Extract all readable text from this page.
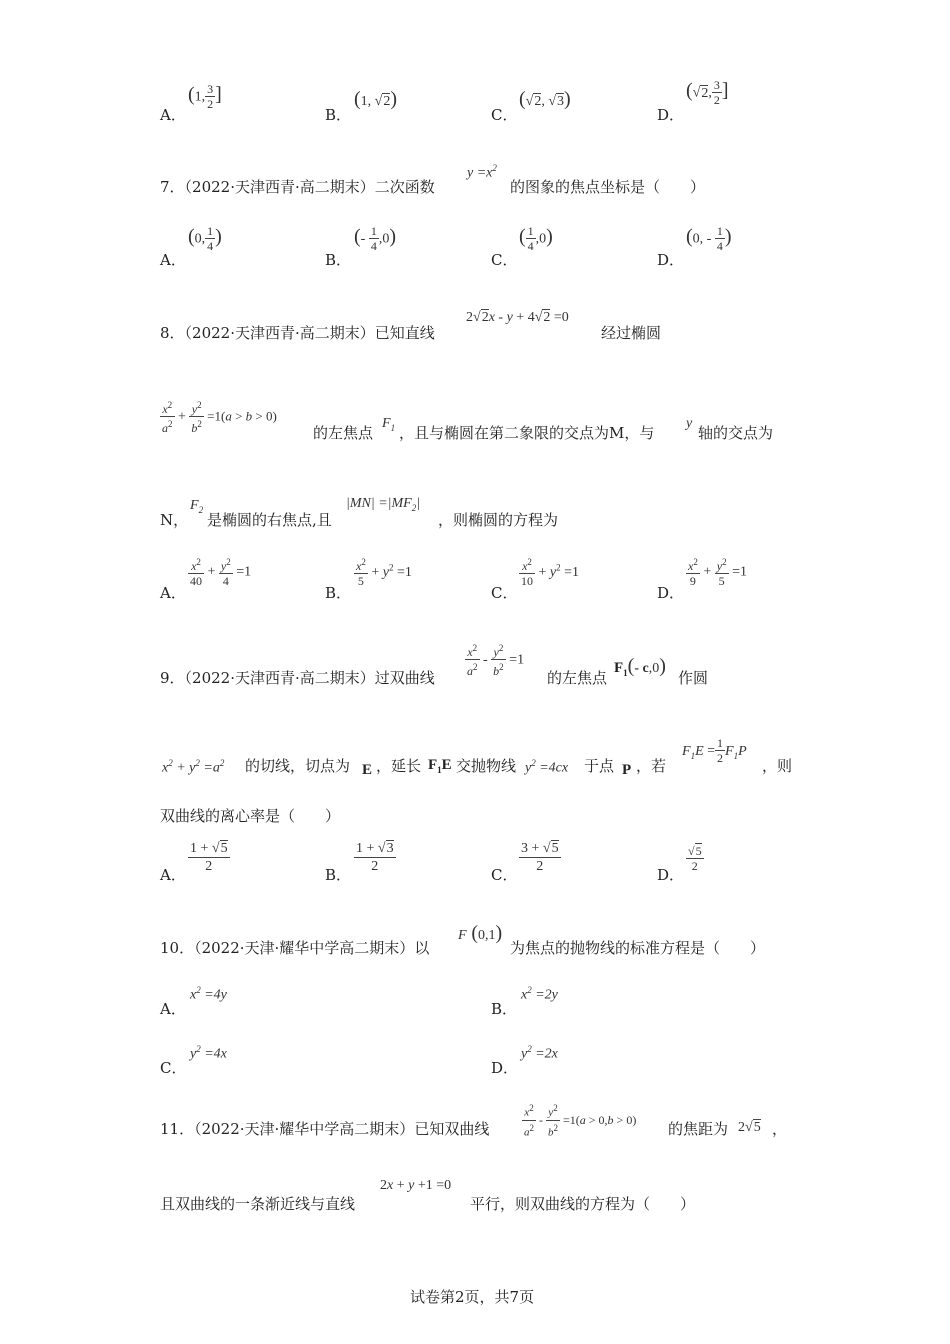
A．
(1, $\frac{3}{2}$ ]
B．
(1, √2)
C．
(√2, √3)
D．
(√2, $\frac{3}{2}$ ]
7．（2022·天津西青·高二期末）二次函数
$y =x^2$
的图象的焦点坐标是（　　）
A．
(0, $\frac{1}{4}$ )
B．
(- $\frac{1}{4} ,0$)
C．
( $\frac{1}{4} ,0$)
D．
(0, - $\frac{1}{4}$ )
8．（2022·天津西青·高二期末）已知直线
2√2x - y + 4√2 =0
经过椭圆
$\frac{x^2}{a^2} + \frac{y^2}{b^2} =1(a > b > 0)$
的左焦点
$F_1$ ，且与椭圆在第二象限的交点为M，与
y
轴的交点为
N，
$F_2$
是椭圆的右焦点,且
$|MN| =|MF_2|$
，则椭圆的方程为
A．
$\frac{x^2}{40} + \frac{y^2}{4} =1$
B．
$\frac{x^2}{5} + y^2 =1$
C．
$\frac{x^2}{10} + y^2 =1$
D．
$\frac{x^2}{9} + \frac{y^2}{5} =1$
9．（2022·天津西青·高二期末）过双曲线	$\frac{x^2}{a^2} - \frac{y^2}{b^2} =1$
的左焦点
$F_1(-$ c,0)
作圆
$x^2 + y^2 =a^2$ 的切线，切点为 E ，延长 $F_1E$ 交抛物线 $y^2 =4cx$ 于点 P ，若
$F_1E = \frac{1}{2} F_1P$
，则
双曲线的离心率是（　　）
A． $\frac{1 + √5}{2}$	B． $\frac{1 + √3}{2}$	C． $\frac{3 + √5}{2}$	D．
$\frac{√5}{2}$
10．（2022·天津·耀华中学高二期末）以
F (0,1)
为焦点的抛物线的标准方程是（　　）
A．
$x^2 =4y$
B．
$x^2 =2y$
C．
$y^2 =4x$
D．
$y^2 =2x$
11．（2022·天津·耀华中学高二期末）已知双曲线	$\frac{x^2}{a^2} - \frac{y^2}{b^2} =1(a > 0,b > 0)$ 的焦距为 2√5 ，
且双曲线的一条渐近线与直线
2x + y +1 =0
平行，则双曲线的方程为（　　）
试卷第2页，共7页
